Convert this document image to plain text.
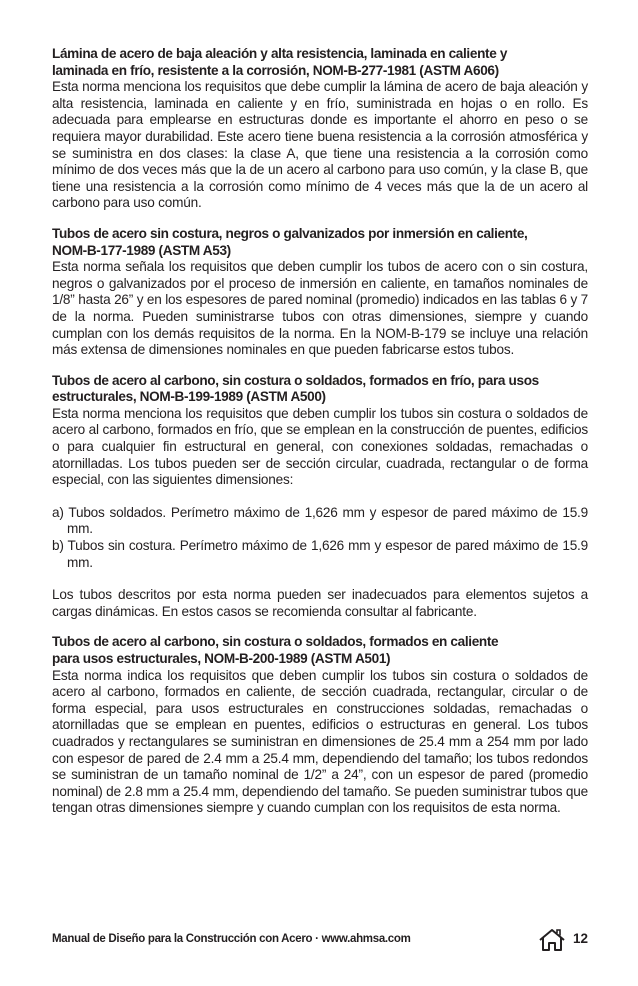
Lámina de acero de baja aleación y alta resistencia, laminada en caliente y
laminada en frío, resistente a la corrosión, NOM-B-277-1981 (ASTM A606)

Esta norma menciona los requisitos que debe cumplir la lámina de acero de baja aleación y alta resistencia, laminada en caliente y en frío, suministrada en hojas o en rollo. Es adecuada para emplearse en estructuras donde es importante el ahorro en peso o se requiera mayor durabilidad. Este acero tiene buena resistencia a la corrosión atmosférica y se suministra en dos clases: la clase A, que tiene una resistencia a la corrosión como mínimo de dos veces más que la de un acero al carbono para uso común, y la clase B, que tiene una resistencia a la corrosión como mínimo de 4 veces más que la de un acero al carbono para uso común.

Tubos de acero sin costura, negros o galvanizados por inmersión en caliente,
NOM-B-177-1989 (ASTM A53)

Esta norma señala los requisitos que deben cumplir los tubos de acero con o sin costura, negros o galvanizados por el proceso de inmersión en caliente, en tamaños nominales de 1/8” hasta 26” y en los espesores de pared nominal (promedio) indicados en las tablas 6 y 7 de la norma. Pueden suministrarse tubos con otras dimensiones, siempre y cuando cumplan con los demás requisitos de la norma. En la NOM-B-179 se incluye una relación más extensa de dimensiones nominales en que pueden fabricarse estos tubos.

Tubos de acero al carbono, sin costura o soldados, formados en frío, para usos
estructurales, NOM-B-199-1989 (ASTM A500)

Esta norma menciona los requisitos que deben cumplir los tubos sin costura o soldados de acero al carbono, formados en frío, que se emplean en la construcción de puentes, edificios o para cualquier fin estructural en general, con conexiones soldadas, remachadas o atornilladas. Los tubos pueden ser de sección circular, cuadrada, rectangular o de forma especial, con las siguientes dimensiones:

a) Tubos soldados. Perímetro máximo de 1,626 mm y espesor de pared máximo de 15.9 mm.
b) Tubos sin costura. Perímetro máximo de 1,626 mm y espesor de pared máximo de 15.9 mm.

Los tubos descritos por esta norma pueden ser inadecuados para elementos sujetos a cargas dinámicas. En estos casos se recomienda consultar al fabricante.

Tubos de acero al carbono, sin costura o soldados, formados en caliente
para usos estructurales, NOM-B-200-1989 (ASTM A501)

Esta norma indica los requisitos que deben cumplir los tubos sin costura o soldados de acero al carbono, formados en caliente, de sección cuadrada, rectangular, circular o de forma especial, para usos estructurales en construcciones soldadas, remachadas o atornilladas que se emplean en puentes, edificios o estructuras en general. Los tubos cuadrados y rectangulares se suministran en dimensiones de 25.4 mm a 254 mm por lado con espesor de pared de 2.4 mm a 25.4 mm, dependiendo del tamaño; los tubos redondos se suministran de un tamaño nominal de 1/2” a 24”, con un espesor de pared (promedio nominal) de 2.8 mm a 25.4 mm, dependiendo del tamaño. Se pueden suministrar tubos que tengan otras dimensiones siempre y cuando cumplan con los requisitos de esta norma.

Manual de Diseño para la Construcción con Acero · www.ahmsa.com	12
